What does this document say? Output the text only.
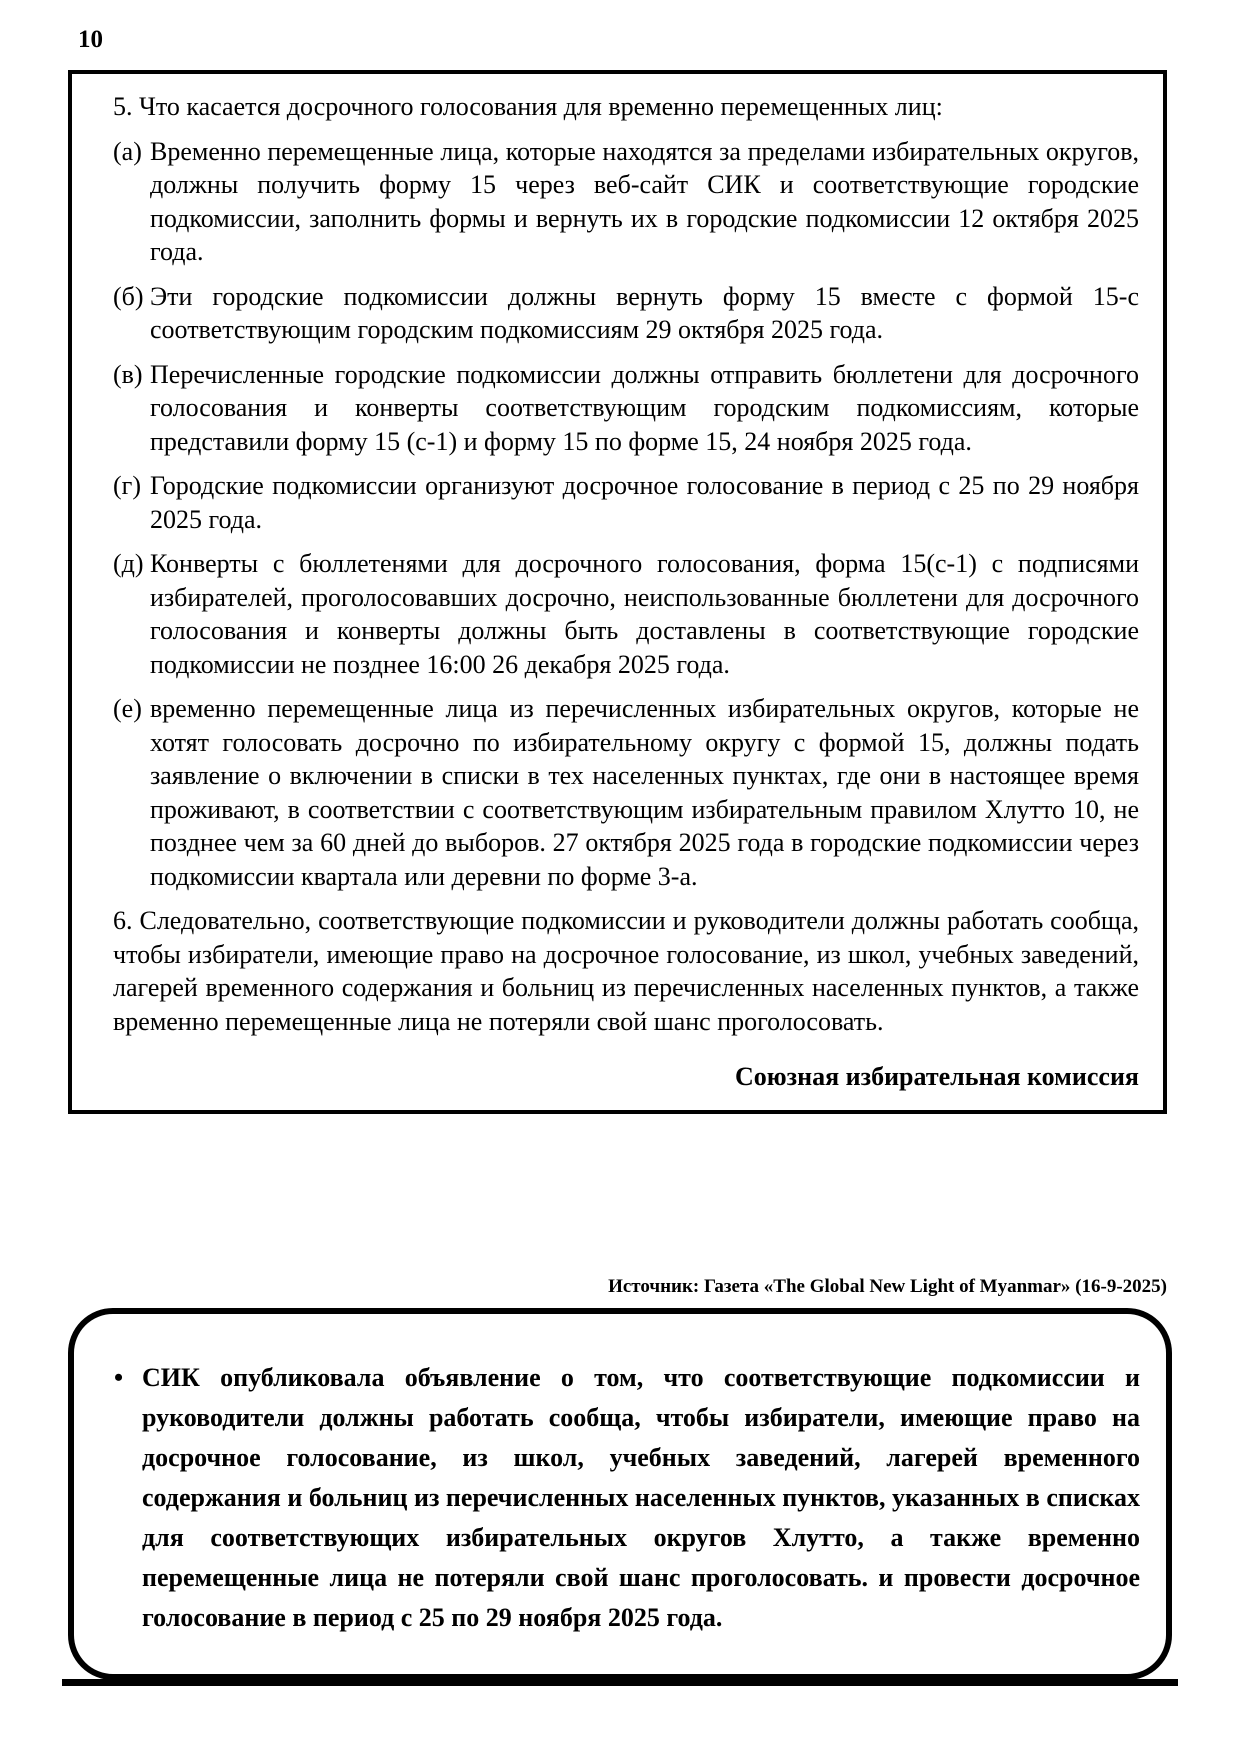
10

5. Что касается досрочного голосования для временно перемещенных лиц:

(а) Временно перемещенные лица, которые находятся за пределами избирательных округов, должны получить форму 15 через веб-сайт СИК и соответствующие городские подкомиссии, заполнить формы и вернуть их в городские подкомиссии 12 октября 2025 года.
(б) Эти городские подкомиссии должны вернуть форму 15 вместе с формой 15-с соответствующим городским подкомиссиям 29 октября 2025 года.
(в) Перечисленные городские подкомиссии должны отправить бюллетени для досрочного голосования и конверты соответствующим городским подкомиссиям, которые представили форму 15 (с-1) и форму 15 по форме 15, 24 ноября 2025 года.
(г) Городские подкомиссии организуют досрочное голосование в период с 25 по 29 ноября 2025 года.
(д) Конверты с бюллетенями для досрочного голосования, форма 15(с-1) с подписями избирателей, проголосовавших досрочно, неиспользованные бюллетени для досрочного голосования и конверты должны быть доставлены в соответствующие городские подкомиссии не позднее 16:00 26 декабря 2025 года.
(е) временно перемещенные лица из перечисленных избирательных округов, которые не хотят голосовать досрочно по избирательному округу с формой 15, должны подать заявление о включении в списки в тех населенных пунктах, где они в настоящее время проживают, в соответствии с соответствующим избирательным правилом Хлутто 10, не позднее чем за 60 дней до выборов. 27 октября 2025 года в городские подкомиссии через подкомиссии квартала или деревни по форме 3-а.

6. Следовательно, соответствующие подкомиссии и руководители должны работать сообща, чтобы избиратели, имеющие право на досрочное голосование, из школ, учебных заведений, лагерей временного содержания и больниц из перечисленных населенных пунктов, а также временно перемещенные лица не потеряли свой шанс проголосовать.

Союзная избирательная комиссия

Источник: Газета «The Global New Light of Myanmar» (16-9-2025)
• СИК опубликовала объявление о том, что соответствующие подкомиссии и руководители должны работать сообща, чтобы избиратели, имеющие право на досрочное голосование, из школ, учебных заведений, лагерей временного содержания и больниц из перечисленных населенных пунктов, указанных в списках для соответствующих избирательных округов Хлутто, а также временно перемещенные лица не потеряли свой шанс проголосовать. и провести досрочное голосование в период с 25 по 29 ноября 2025 года.
